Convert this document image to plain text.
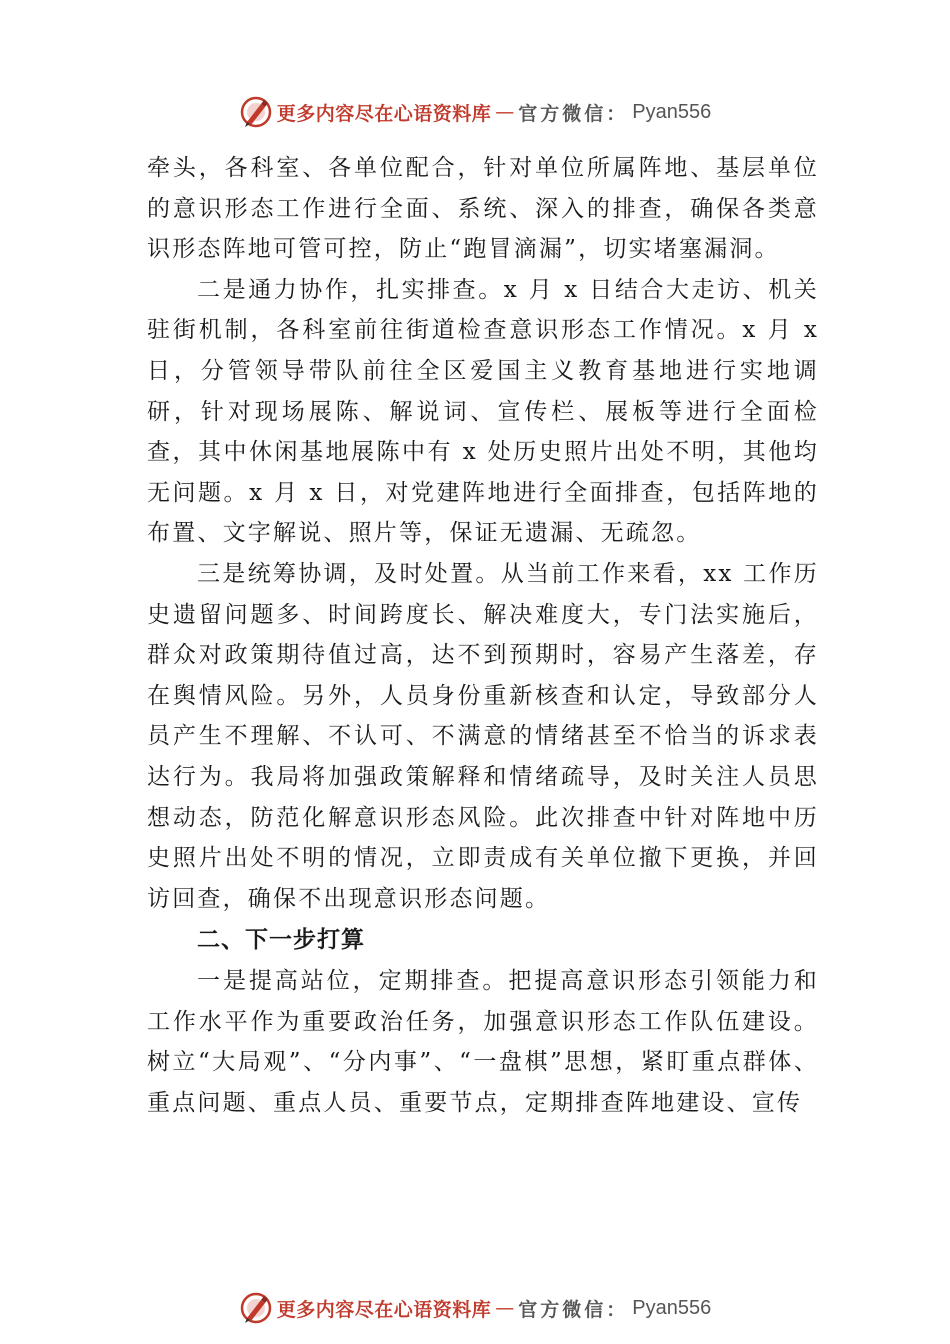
更多内容尽在心语资料库 — 官方微信： Pyan556

牵头，各科室、各单位配合，针对单位所属阵地、基层单位的意识形态工作进行全面、系统、深入的排查，确保各类意识形态阵地可管可控，防止“跑冒滴漏”，切实堵塞漏洞。

二是通力协作，扎实排查。x 月 x 日结合大走访、机关驻街机制，各科室前往街道检查意识形态工作情况。x 月 x 日，分管领导带队前往全区爱国主义教育基地进行实地调研，针对现场展陈、解说词、宣传栏、展板等进行全面检查，其中休闲基地展陈中有 x 处历史照片出处不明，其他均无问题。x 月 x 日，对党建阵地进行全面排查，包括阵地的布置、文字解说、照片等，保证无遗漏、无疏忽。

三是统筹协调，及时处置。从当前工作来看，xx 工作历史遗留问题多、时间跨度长、解决难度大，专门法实施后，群众对政策期待值过高，达不到预期时，容易产生落差，存在舆情风险。另外，人员身份重新核查和认定，导致部分人员产生不理解、不认可、不满意的情绪甚至不恰当的诉求表达行为。我局将加强政策解释和情绪疏导，及时关注人员思想动态，防范化解意识形态风险。此次排查中针对阵地中历史照片出处不明的情况，立即责成有关单位撤下更换，并回访回查，确保不出现意识形态问题。

二、下一步打算

一是提高站位，定期排查。把提高意识形态引领能力和工作水平作为重要政治任务，加强意识形态工作队伍建设。树立“大局观”、“分内事”、“一盘棋”思想，紧盯重点群体、重点问题、重点人员、重要节点，定期排查阵地建设、宣传

更多内容尽在心语资料库 — 官方微信： Pyan556
